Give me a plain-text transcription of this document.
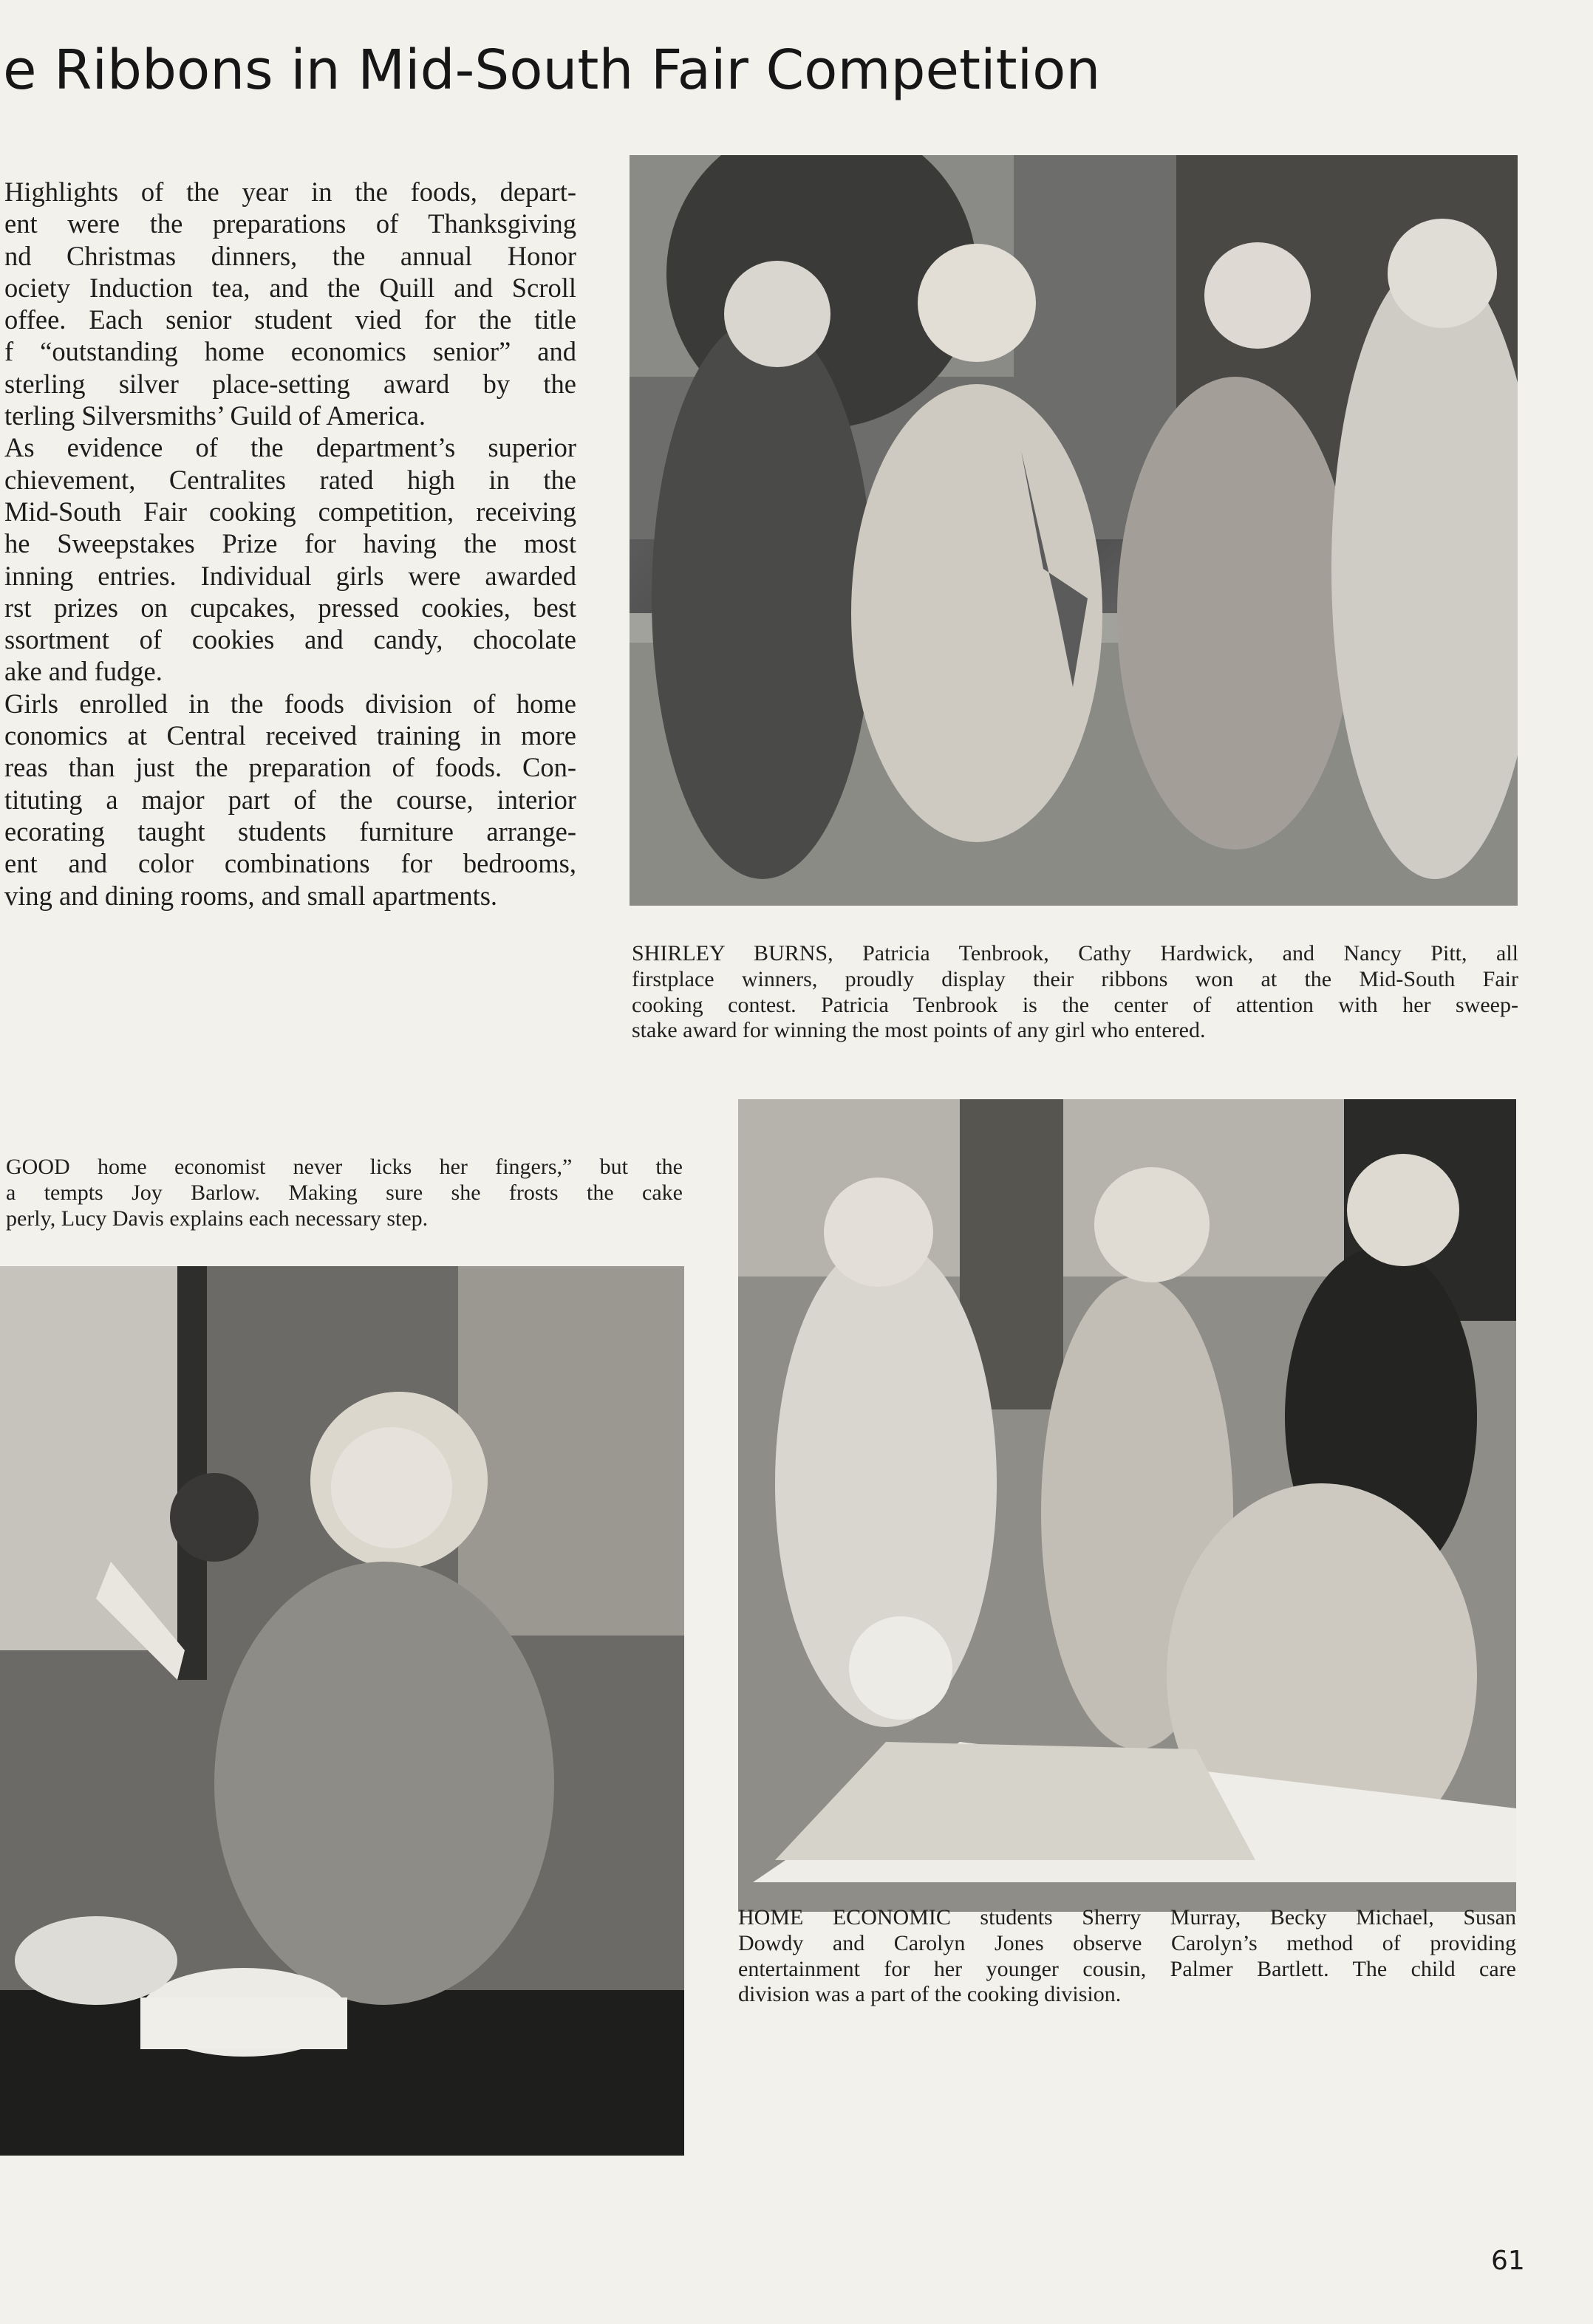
e Ribbons in Mid-South Fair Competition
Highlights of the year in the foods, depart-
ent were the preparations of Thanksgiving
nd Christmas dinners, the annual Honor
ociety Induction tea, and the Quill and Scroll
offee. Each senior student vied for the title
f “outstanding home economics senior” and
sterling silver place-setting award by the
terling Silversmiths’ Guild of America.
As evidence of the department’s superior
chievement, Centralites rated high in the
Mid-South Fair cooking competition, receiving
he Sweepstakes Prize for having the most
inning entries. Individual girls were awarded
rst prizes on cupcakes, pressed cookies, best
ssortment of cookies and candy, chocolate
ake and fudge.
Girls enrolled in the foods division of home
conomics at Central received training in more
reas than just the preparation of foods. Con-
tituting a major part of the course, interior
ecorating taught students furniture arrange-
ent and color combinations for bedrooms,
ving and dining rooms, and small apartments.
SHIRLEY BURNS, Patricia Tenbrook, Cathy Hardwick, and Nancy Pitt, all
firstplace winners, proudly display their ribbons won at the Mid-South Fair
cooking contest. Patricia Tenbrook is the center of attention with her sweep-
stake award for winning the most points of any girl who entered.
GOOD home economist never licks her fingers,” but the
a tempts Joy Barlow. Making sure she frosts the cake
perly, Lucy Davis explains each necessary step.
HOME ECONOMIC students Sherry Murray, Becky Michael, Susan
Dowdy and Carolyn Jones observe Carolyn’s method of providing
entertainment for her younger cousin, Palmer Bartlett. The child care
division was a part of the cooking division.
61
